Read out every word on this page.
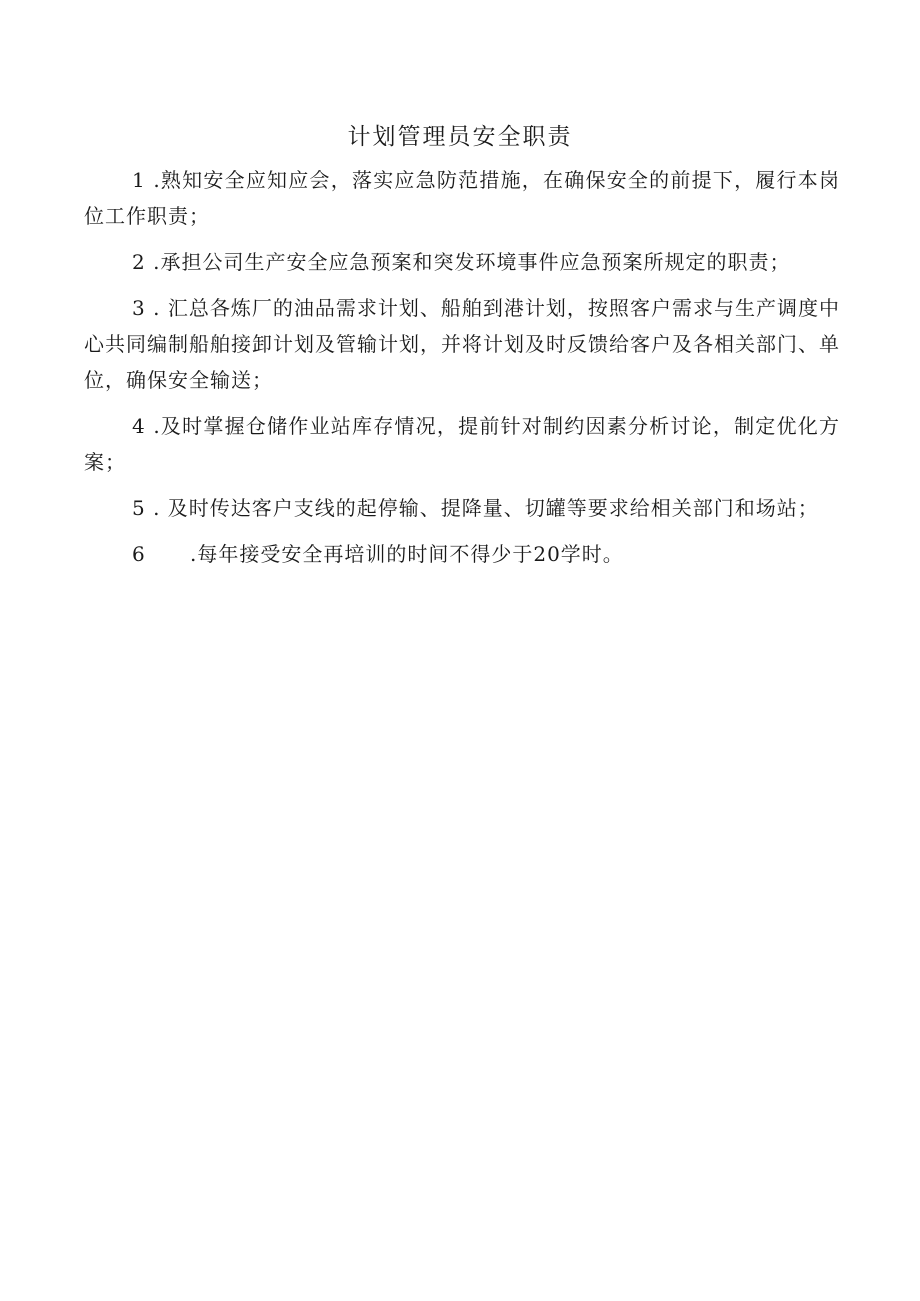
计划管理员安全职责

1 .熟知安全应知应会，落实应急防范措施，在确保安全的前提下，履行本岗位工作职责；

2 .承担公司生产安全应急预案和突发环境事件应急预案所规定的职责；

3 . 汇总各炼厂的油品需求计划、船舶到港计划，按照客户需求与生产调度中心共同编制船舶接卸计划及管输计划，并将计划及时反馈给客户及各相关部门、单位，确保安全输送；

4 .及时掌握仓储作业站库存情况，提前针对制约因素分析讨论，制定优化方案；

5 . 及时传达客户支线的起停输、提降量、切罐等要求给相关部门和场站；

6 .每年接受安全再培训的时间不得少于20学时。
